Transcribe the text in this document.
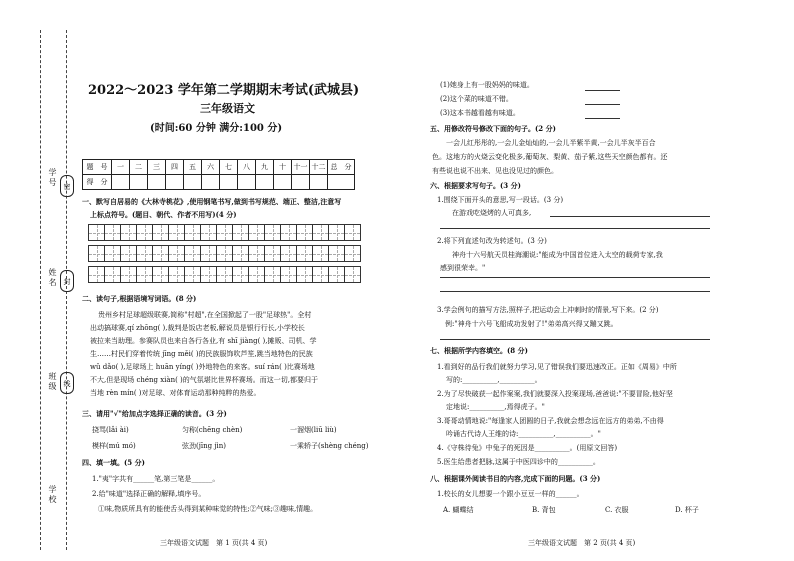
学号
姓名
班级
学校
密
封
线
2022～2023 学年第二学期期末考试(武城县)
三年级语文
(时间:60 分钟 满分:100 分)
题　号	一	二	三	四	五	六	七	八	九	十	十一	十二	总　分
得　分													
一、默写自居易的《大林寺桃花》,使用钢笔书写,做到书写规范、端正、整洁,注意写
上标点符号。(题目、朝代、作者不用写)(4 分)
二、读句子,根据语境写词语。(8 分)
贵州乡村足球超级联赛,简称"村超",在全国掀起了一股"足球热"。全村
出动搞球赛,qí zhōng( ),裁判是饭店老板,解说员是银行行长,小学校长
被拉来当助理。参赛队员也来自各行各业,有 shī jiàng( ),摊贩、司机、学
生……村民们穿着传统 jīng měi( )的民族服饰吹芦笙,跳当地特色的民族
wǔ dǎo( ),足球场上 huān yíng( )外地特色的来客。suí rán( )比赛场地
不大,但是现场 chéng xiàn( )的气氛堪比世界杯赛场。而这一切,都要归于
当地 rèn mín( )对足球、对体育运动那种纯粹的热爱。
三、请用"√"给加点字选择正确的读音。(3 分)
挠骂(lǎi ài)	匀称(chēng chèn)	一溜烟(liū liù)
模样(mú mó)	弦劲(jīng jìn)	一乘轿子(shèng chéng)
四、填一填。(5 分)
1."夷"字共有______笔,第三笔是______。
2.给"味道"选择正确的解释,填序号。
①味,物质所具有的能使舌头得到某种味觉的特性;②气味;③趣味,情趣。
三年级语文试题　第 1 页(共 4 页)
(1)她身上有一股妈妈的味道。
(2)这个菜的味道不错。
(3)这本书越看越有味道。
五、用修改符号修改下面的句子。(2 分)
一会儿红彤彤的,一会儿金灿灿的,一会儿半紫半黄,一会儿半灰半百合
色。这地方的火烧云变化极多,葡萄灰、梨黄、茄子紫,这些天空颜色都有。还
有些说也说不出来、见也没见过的颜色。
六、根据要求写句子。(3 分)
1.围绕下面开头的意思,写一段话。(3 分)
在游戏吃烧烤的人可真多,
2.将下列直述句改为转述句。(3 分)
神舟十六号航天员桂海潮说:"能成为中国首位进入太空的载荷专家,我
感到很荣幸。"
3.学会例句的描写方法,照样子,把运动会上冲刺时的情景,写下来。(2 分)
例:"神舟十六号飞船成功发射了!"弟弟高兴得又蹦又跳。
七、根据所学内容填空。(8 分)
1.看到好的品行我们就努力学习,见了错误我们要迅速改正。正如《周易》中所
写的:__________,__________。
2.为了尽快破获一起作案案,我们就要深入投案现场,爸爸说:"不要冒险,他好坚
定地说:__________,焉得虎子。"
3.哥哥动情地说:"每逢家人团圆的日子,我就会想念远在远方的弟弟,不由得
吟诵古代诗人王维的诗:__________,__________。"
4.《守株待兔》中兔子的死因是__________。(用原文回答)
5.医生给患者把脉,这属于中医四诊中的__________。
八、根据课外阅读书目的内容,完成下面的问题。(3 分)
1.校长的女儿想要一个跟小豆豆一样的______。
A. 蝴蝶结	B. 背包	C. 衣服	D. 杯子
三年级语文试题　第 2 页(共 4 页)
